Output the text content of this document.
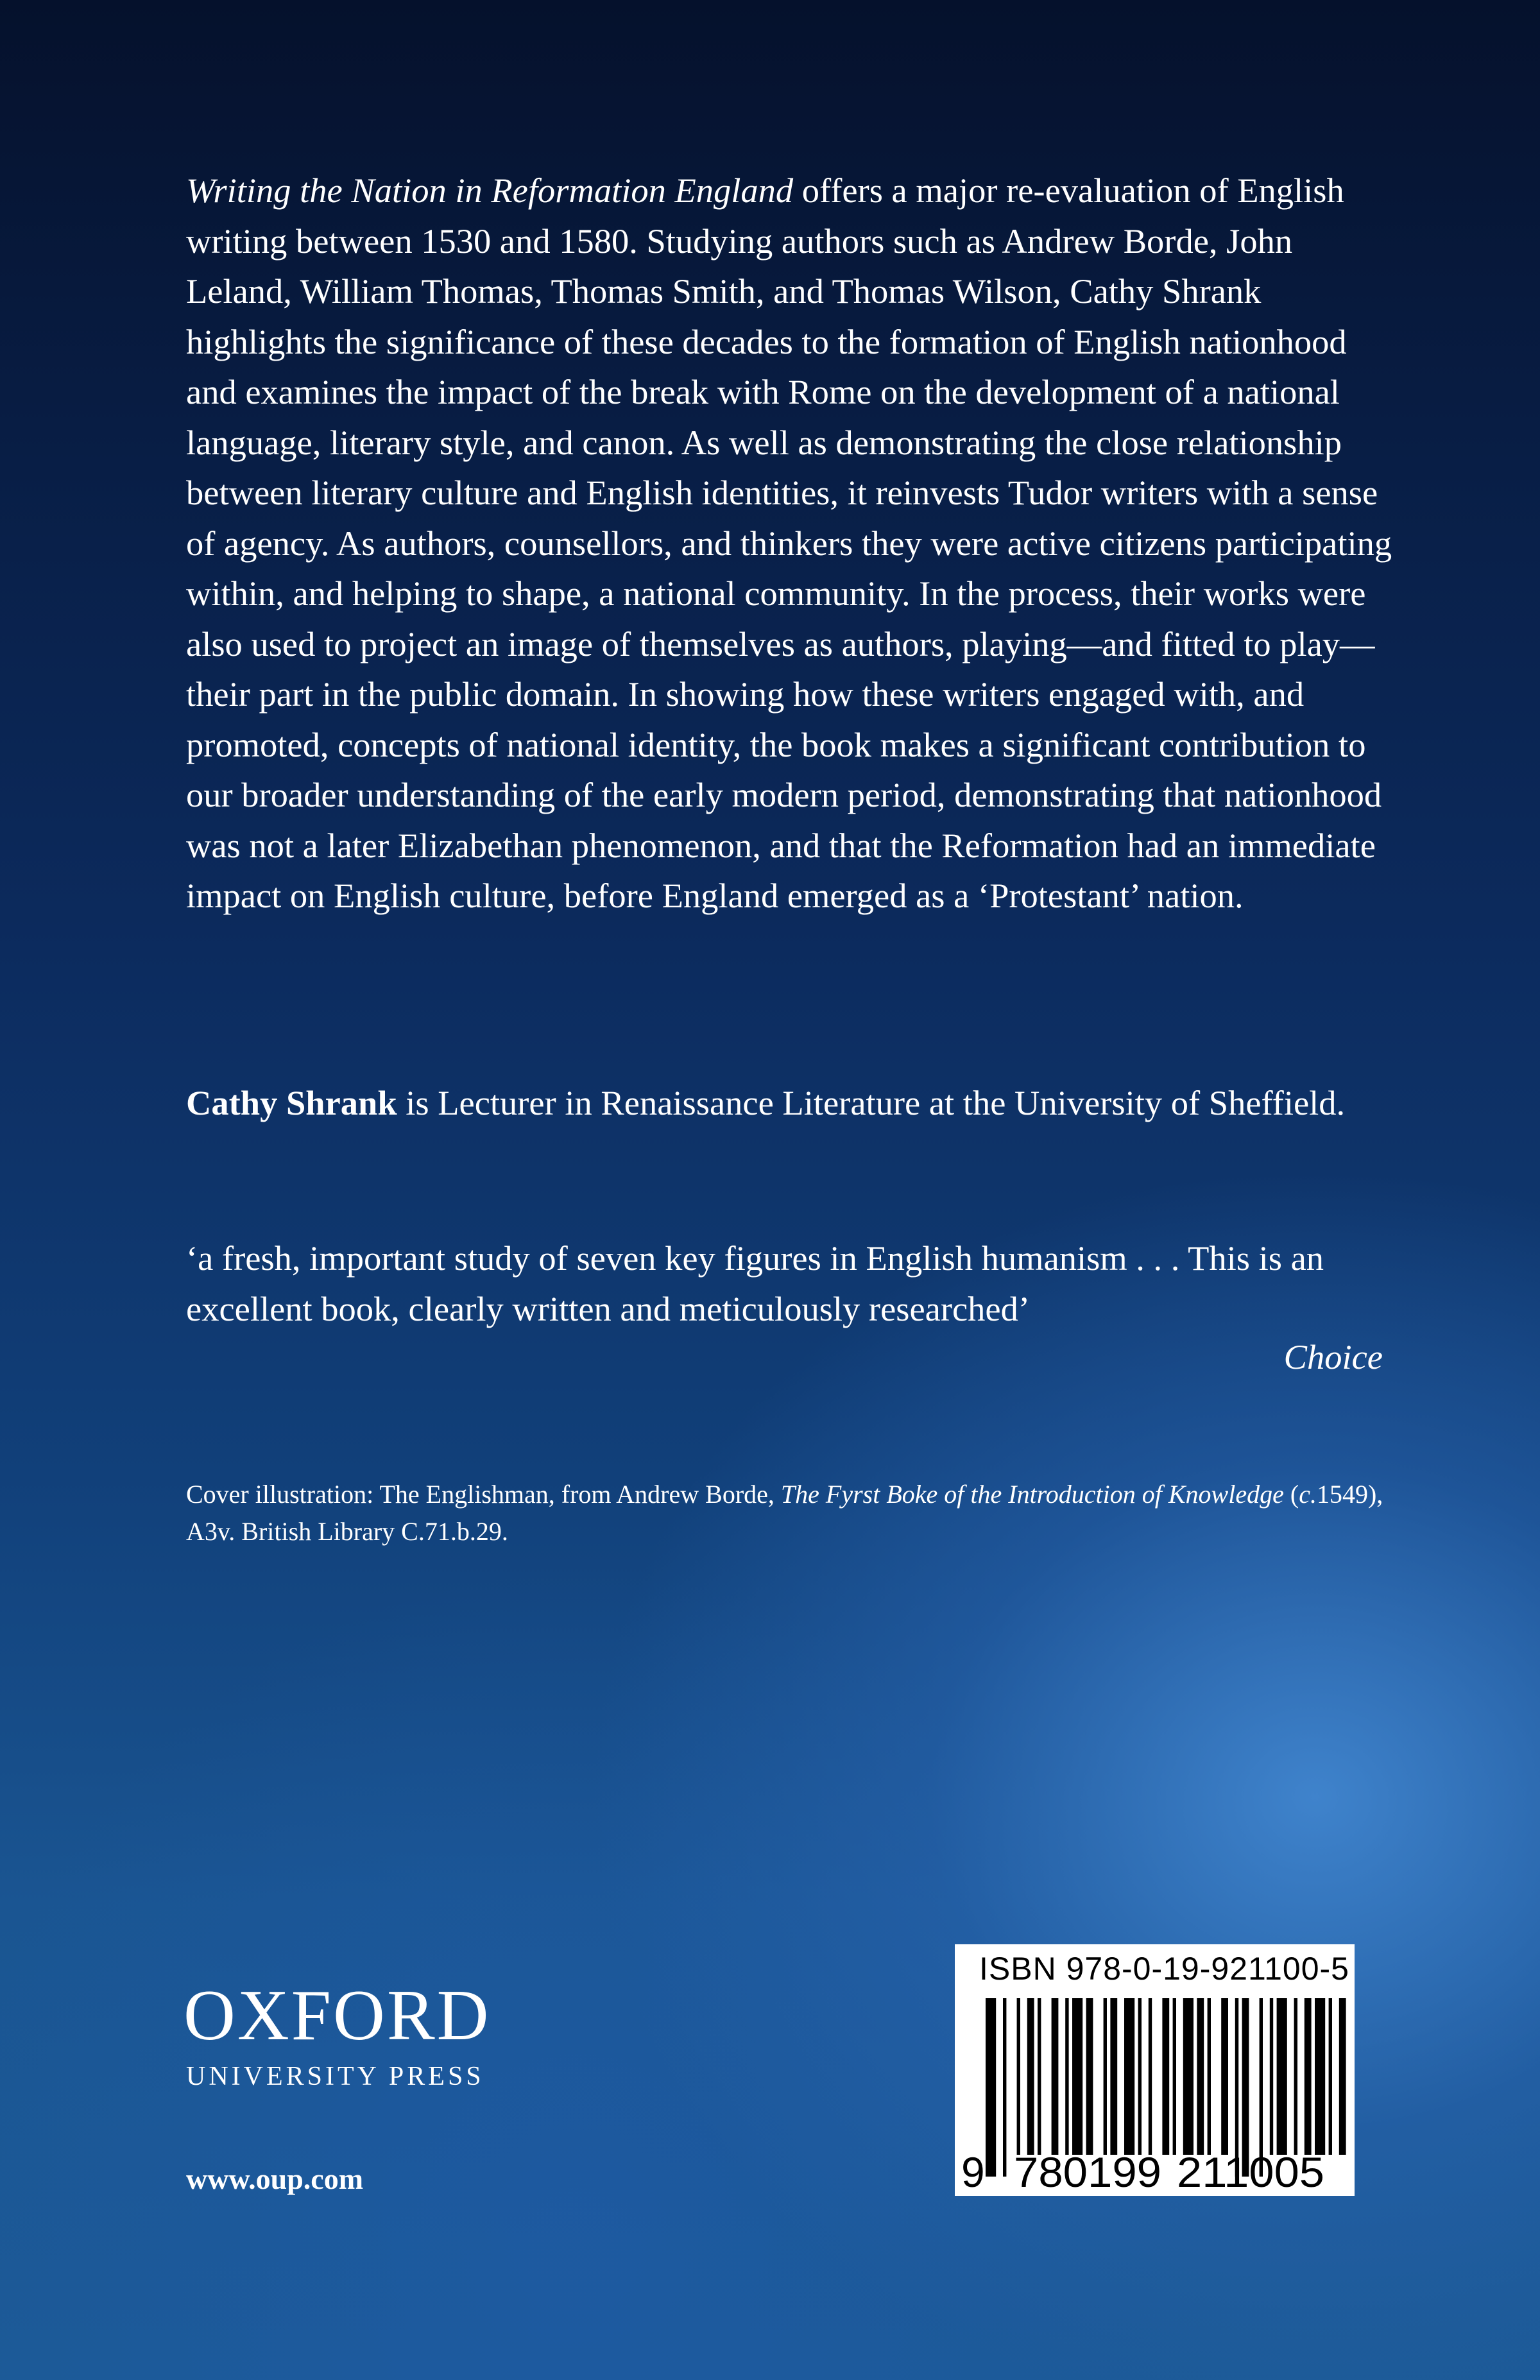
Writing the Nation in Reformation England offers a major re-evaluation of English writing between 1530 and 1580. Studying authors such as Andrew Borde, John Leland, William Thomas, Thomas Smith, and Thomas Wilson, Cathy Shrank highlights the significance of these decades to the formation of English nationhood and examines the impact of the break with Rome on the development of a national language, literary style, and canon. As well as demonstrating the close relationship between literary culture and English identities, it reinvests Tudor writers with a sense of agency. As authors, counsellors, and thinkers they were active citizens participating within, and helping to shape, a national community. In the process, their works were also used to project an image of themselves as authors, playing—and fitted to play—their part in the public domain. In showing how these writers engaged with, and promoted, concepts of national identity, the book makes a significant contribution to our broader understanding of the early modern period, demonstrating that nationhood was not a later Elizabethan phenomenon, and that the Reformation had an immediate impact on English culture, before England emerged as a ‘Protestant’ nation.

Cathy Shrank is Lecturer in Renaissance Literature at the University of Sheffield.

‘a fresh, important study of seven key figures in English humanism . . . This is an excellent book, clearly written and meticulously researched’

Choice

Cover illustration: The Englishman, from Andrew Borde, The Fyrst Boke of the Introduction of Knowledge (c.1549), A3v. British Library C.71.b.29.

OXFORD
UNIVERSITY PRESS
www.oup.com
ISBN 978-0-19-921100-5
9 780199 211005
